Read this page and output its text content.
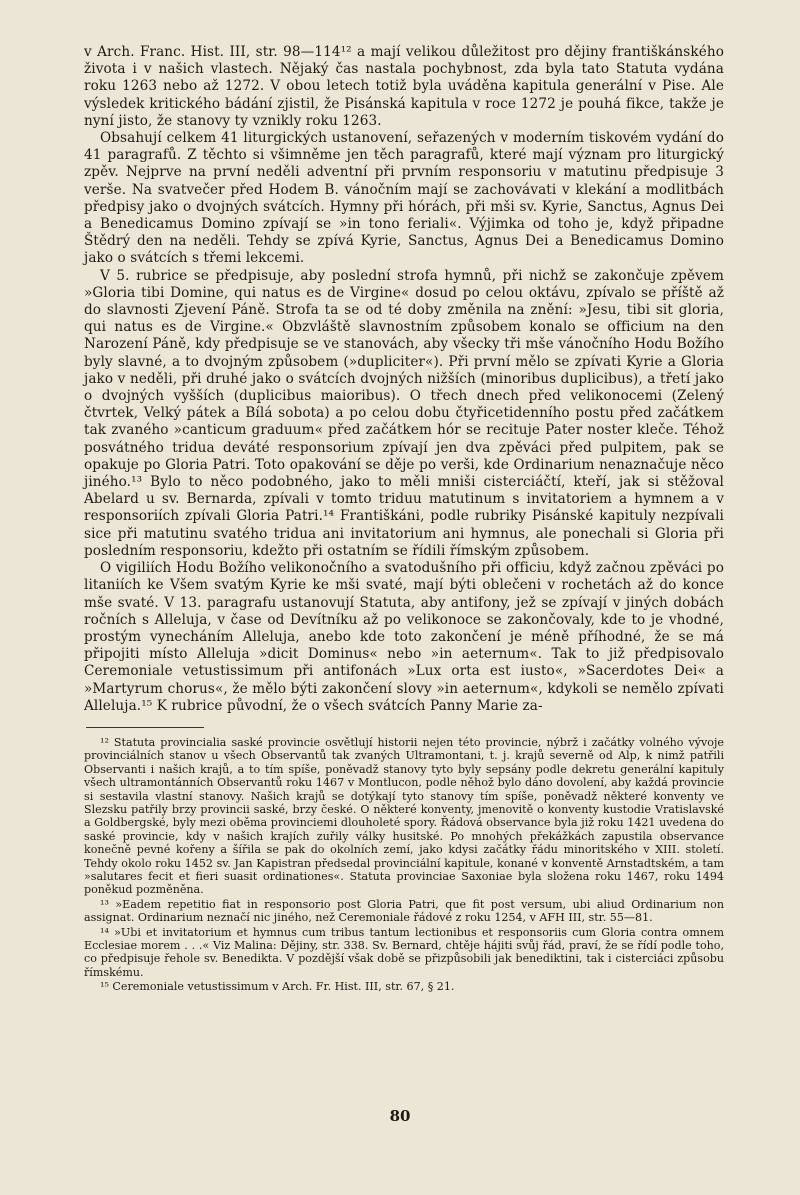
v Arch. Franc. Hist. III, str. 98—114¹² a mají velikou důležitost pro dějiny františkánského života i v našich vlastech. Nějaký čas nastala pochybnost, zda byla tato Statuta vydána roku 1263 nebo až 1272. V obou letech totiž byla uváděna kapitula generální v Pise. Ale výsledek kritického bádání zjistil, že Pisánská kapitula v roce 1272 je pouhá fikce, takže je nyní jisto, že stanovy ty vznikly roku 1263.

Obsahují celkem 41 liturgických ustanovení, seřazených v moderním tiskovém vydání do 41 paragrafů. Z těchto si všimněme jen těch paragrafů, které mají význam pro liturgický zpěv. Nejprve na první neděli adventní při prvním responsoriu v matutinu předpisuje 3 verše. Na svatvečer před Hodem B. vánočním mají se zachovávati v klekání a modlitbách předpisy jako o dvojných svátcích. Hymny při hórách, při mši sv. Kyrie, Sanctus, Agnus Dei a Benedicamus Domino zpívají se »in tono feriali«. Výjimka od toho je, když připadne Štědrý den na neděli. Tehdy se zpívá Kyrie, Sanctus, Agnus Dei a Benedicamus Domino jako o svátcích s třemi lekcemi.

V 5. rubrice se předpisuje, aby poslední strofa hymnů, při nichž se zakončuje zpěvem »Gloria tibi Domine, qui natus es de Virgine« dosud po celou oktávu, zpívalo se příště až do slavnosti Zjevení Páně. Strofa ta se od té doby změnila na znění: »Jesu, tibi sit gloria, qui natus es de Virgine.« Obzvláště slavnostním způsobem konalo se officium na den Narození Páně, kdy předpisuje se ve stanovách, aby všecky tři mše vánočního Hodu Božího byly slavné, a to dvojným způsobem (»dupliciter«). Při první mělo se zpívati Kyrie a Gloria jako v neděli, při druhé jako o svátcích dvojných nižších (minoribus duplicibus), a třetí jako o dvojných vyšších (duplicibus maioribus). O třech dnech před velikonocemi (Zelený čtvrtek, Velký pátek a Bílá sobota) a po celou dobu čtyřicetidenního postu před začátkem tak zvaného »canticum graduum« před začátkem hór se recituje Pater noster kleče. Téhož posvátného tridua deváté responsorium zpívají jen dva zpěváci před pulpitem, pak se opakuje po Gloria Patri. Toto opakování se děje po verši, kde Ordinarium nenaznačuje něco jiného.¹³ Bylo to něco podobného, jako to měli mniši cisterciáčtí, kteří, jak si stěžoval Abelard u sv. Bernarda, zpívali v tomto triduu matutinum s invitatoriem a hymnem a v responsoriích zpívali Gloria Patri.¹⁴ Františkáni, podle rubriky Pisánské kapituly nezpívali sice při matutinu svatého tridua ani invitatorium ani hymnus, ale ponechali si Gloria při posledním responsoriu, kdežto při ostatním se řídili římským způsobem.

O vigiliích Hodu Božího velikonočního a svatodušního při officiu, když začnou zpěváci po litaniích ke Všem svatým Kyrie ke mši svaté, mají býti oblečeni v rochetách až do konce mše svaté. V 13. paragrafu ustanovují Statuta, aby antifony, jež se zpívají v jiných dobách ročních s Alleluja, v čase od Devítníku až po velikonoce se zakončovaly, kde to je vhodné, prostým vynecháním Alleluja, anebo kde toto zakončení je méně příhodné, že se má připojiti místo Alleluja »dicit Dominus« nebo »in aeternum«. Tak to již předpisovalo Ceremoniale vetustissimum při antifonách »Lux orta est iusto«, »Sacerdotes Dei« a »Martyrum chorus«, že mělo býti zakončení slovy »in aeternum«, kdykoli se nemělo zpívati Alleluja.¹⁵ K rubrice původní, že o všech svátcích Panny Marie za-

¹² Statuta provincialia saské provincie osvětlují historii nejen této provincie, nýbrž i začátky volného vývoje provinciálních stanov u všech Observantů tak zvaných Ultramontani, t. j. krajů severně od Alp, k nimž patřili Observanti i našich krajů, a to tím spíše, poněvadž stanovy tyto byly sepsány podle dekretu generální kapituly všech ultramontánních Observantů roku 1467 v Montlucon, podle něhož bylo dáno dovolení, aby každá provincie si sestavila vlastní stanovy. Našich krajů se dotýkají tyto stanovy tím spíše, poněvadž některé konventy ve Slezsku patřily brzy provincii saské, brzy české. O některé konventy, jmenovitě o konventy kustodie Vratislavské a Goldbergské, byly mezi oběma provinciemi dlouholeté spory. Řádová observance byla již roku 1421 uvedena do saské provincie, kdy v našich krajích zuřily války husitské. Po mnohých překážkách zapustila observance konečně pevné kořeny a šířila se pak do okolních zemí, jako kdysi začátky řádu minoritského v XIII. století. Tehdy okolo roku 1452 sv. Jan Kapistran předsedal provinciální kapitule, konané v konventě Arnstadtském, a tam »salutares fecit et fieri suasit ordinationes«. Statuta provinciae Saxoniae byla složena roku 1467, roku 1494 poněkud pozměněna.

¹³ »Eadem repetitio fiat in responsorio post Gloria Patri, que fit post versum, ubi aliud Ordinarium non assignat. Ordinarium neznačí nic jiného, než Ceremoniale řádové z roku 1254, v AFH III, str. 55—81.

¹⁴ »Ubi et invitatorium et hymnus cum tribus tantum lectionibus et responsoriis cum Gloria contra omnem Ecclesiae morem . . .« Viz Malina: Dějiny, str. 338. Sv. Bernard, chtěje hájiti svůj řád, praví, že se řídí podle toho, co předpisuje řehole sv. Benedikta. V pozdější však době se přizpůsobili jak benediktini, tak i cisterciáci způsobu římskému.

¹⁵ Ceremoniale vetustissimum v Arch. Fr. Hist. III, str. 67, § 21.

80
